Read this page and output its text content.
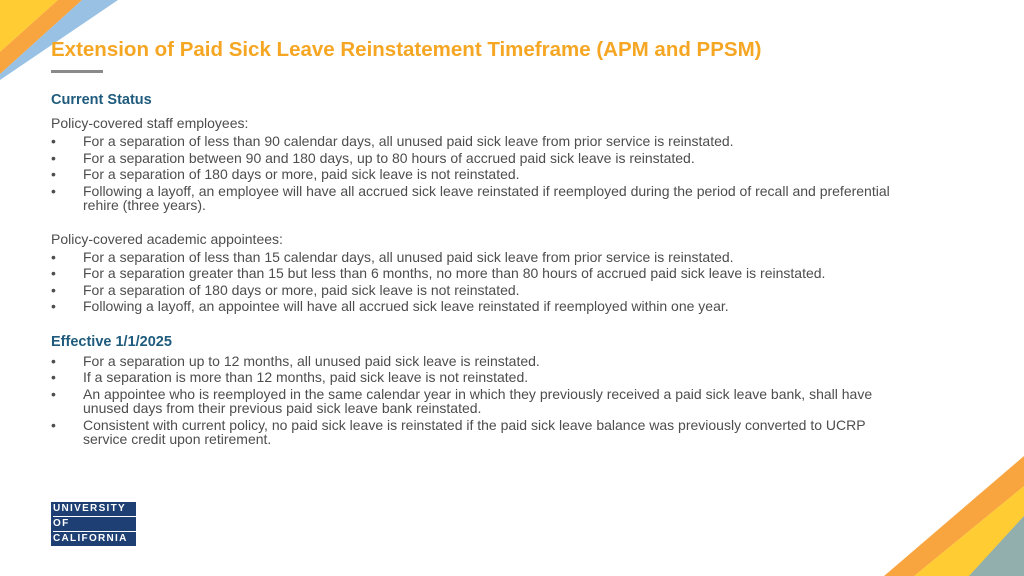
Extension of Paid Sick Leave Reinstatement Timeframe (APM and PPSM)
Current Status
Policy-covered staff employees:
• For a separation of less than 90 calendar days, all unused paid sick leave from prior service is reinstated.
• For a separation between 90 and 180 days, up to 80 hours of accrued paid sick leave is reinstated.
• For a separation of 180 days or more, paid sick leave is not reinstated.
• Following a layoff, an employee will have all accrued sick leave reinstated if reemployed during the period of recall and preferential rehire (three years).
Policy-covered academic appointees:
• For a separation of less than 15 calendar days, all unused paid sick leave from prior service is reinstated.
• For a separation greater than 15 but less than 6 months, no more than 80 hours of accrued paid sick leave is reinstated.
• For a separation of 180 days or more, paid sick leave is not reinstated.
• Following a layoff, an appointee will have all accrued sick leave reinstated if reemployed within one year.
Effective 1/1/2025
• For a separation up to 12 months, all unused paid sick leave is reinstated.
• If a separation is more than 12 months, paid sick leave is not reinstated.
• An appointee who is reemployed in the same calendar year in which they previously received a paid sick leave bank, shall have unused days from their previous paid sick leave bank reinstated.
• Consistent with current policy, no paid sick leave is reinstated if the paid sick leave balance was previously converted to UCRP service credit upon retirement.
UNIVERSITY
OF
CALIFORNIA
